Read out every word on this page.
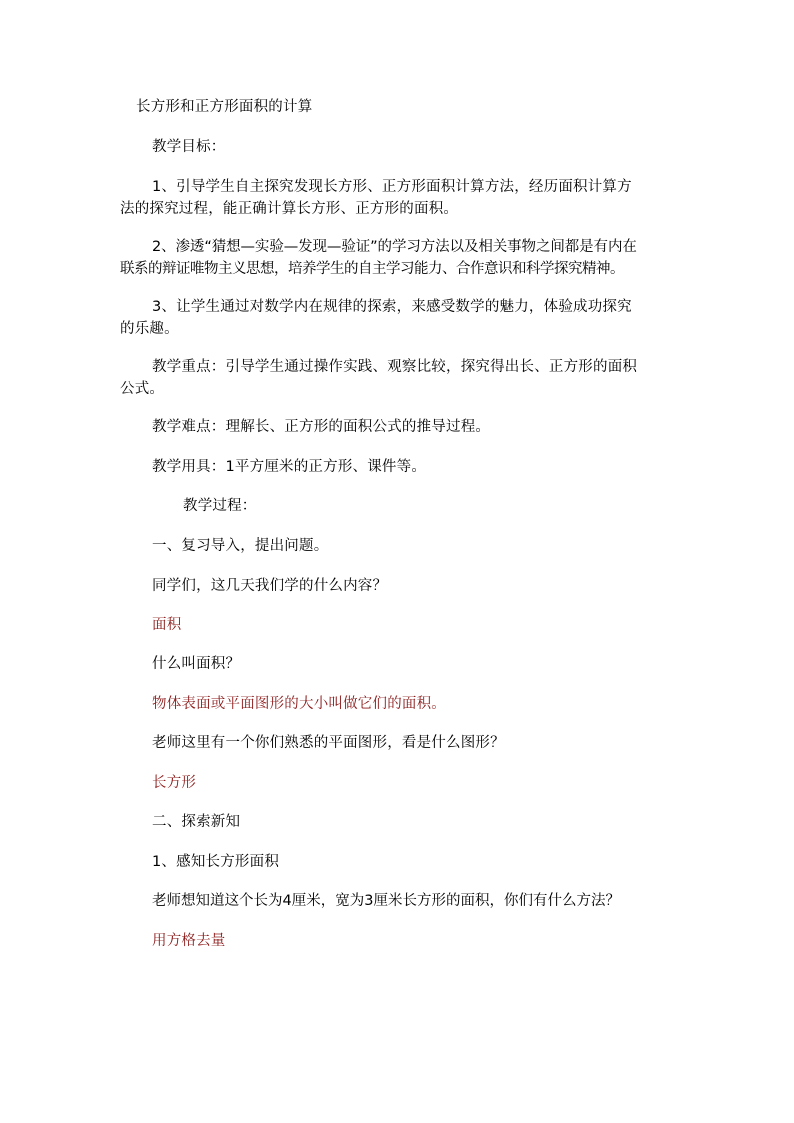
长方形和正方形面积的计算
教学目标：
1、引导学生自主探究发现长方形、正方形面积计算方法，经历面积计算方
法的探究过程，能正确计算长方形、正方形的面积。
2、渗透“猜想—实验—发现—验证”的学习方法以及相关事物之间都是有内在
联系的辩证唯物主义思想，培养学生的自主学习能力、合作意识和科学探究精神。
3、让学生通过对数学内在规律的探索，来感受数学的魅力，体验成功探究
的乐趣。
教学重点：引导学生通过操作实践、观察比较，探究得出长、正方形的面积
公式。
教学难点：理解长、正方形的面积公式的推导过程。
教学用具：1平方厘米的正方形、课件等。
教学过程：
一、复习导入，提出问题。
同学们，这几天我们学的什么内容？
面积
什么叫面积？
物体表面或平面图形的大小叫做它们的面积。
老师这里有一个你们熟悉的平面图形，看是什么图形？
长方形
二、探索新知
1、感知长方形面积
老师想知道这个长为4厘米，宽为3厘米长方形的面积，你们有什么方法？
用方格去量
